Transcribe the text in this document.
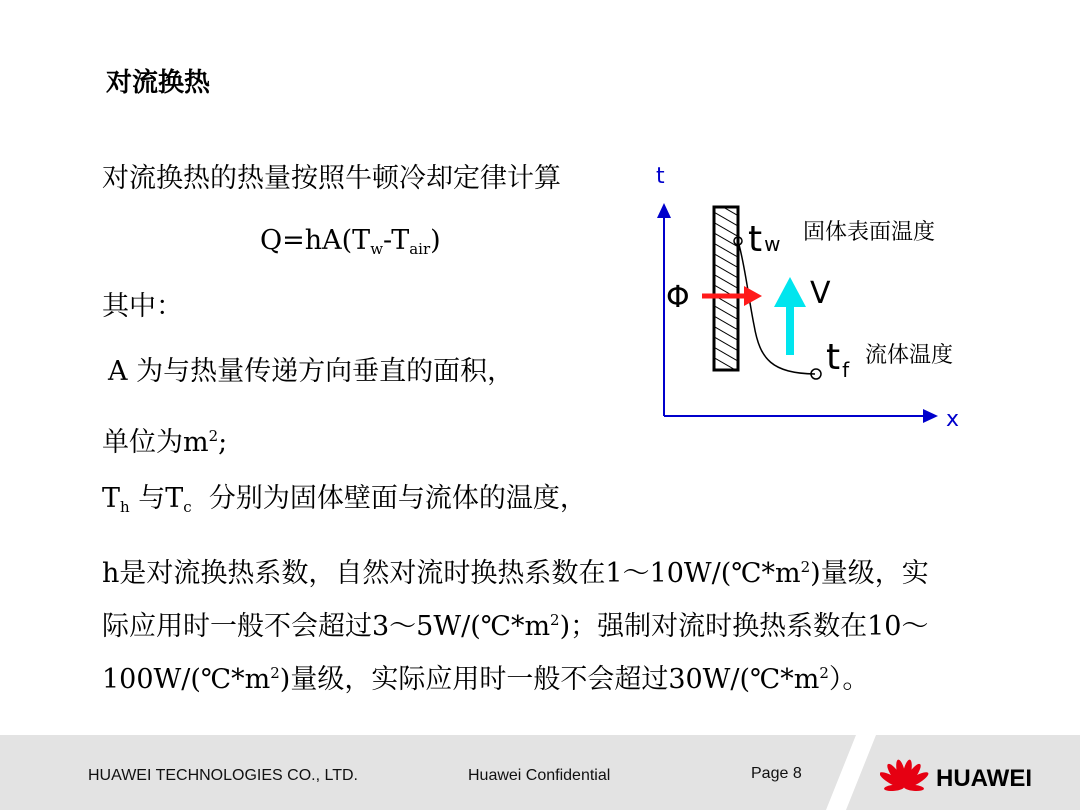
对流换热
对流换热的热量按照牛顿冷却定律计算
$Q=hA(T_w-T_{air})$
其中：
A 为与热量传递方向垂直的面积，
单位为$m^2$;
$T_h$ 与$T_c$ 分别为固体壁面与流体的温度，
h是对流换热系数，自然对流时换热系数在$1\sim 10W/(℃*m^2)$量级，实
际应用时一般不会超过$3\sim 5W/(℃*m^2)$；强制对流时换热系数在10～
$100W/(℃*m^2)$量级，实际应用时一般不会超过$30W/(℃*m^2)$。
t
x
Φ	V
tw 固体表面温度
t $_f$
流体温度
HUAWEI TECHNOLOGIES CO., LTD.	Huawei Confidential	Page 8	HUAWEI
